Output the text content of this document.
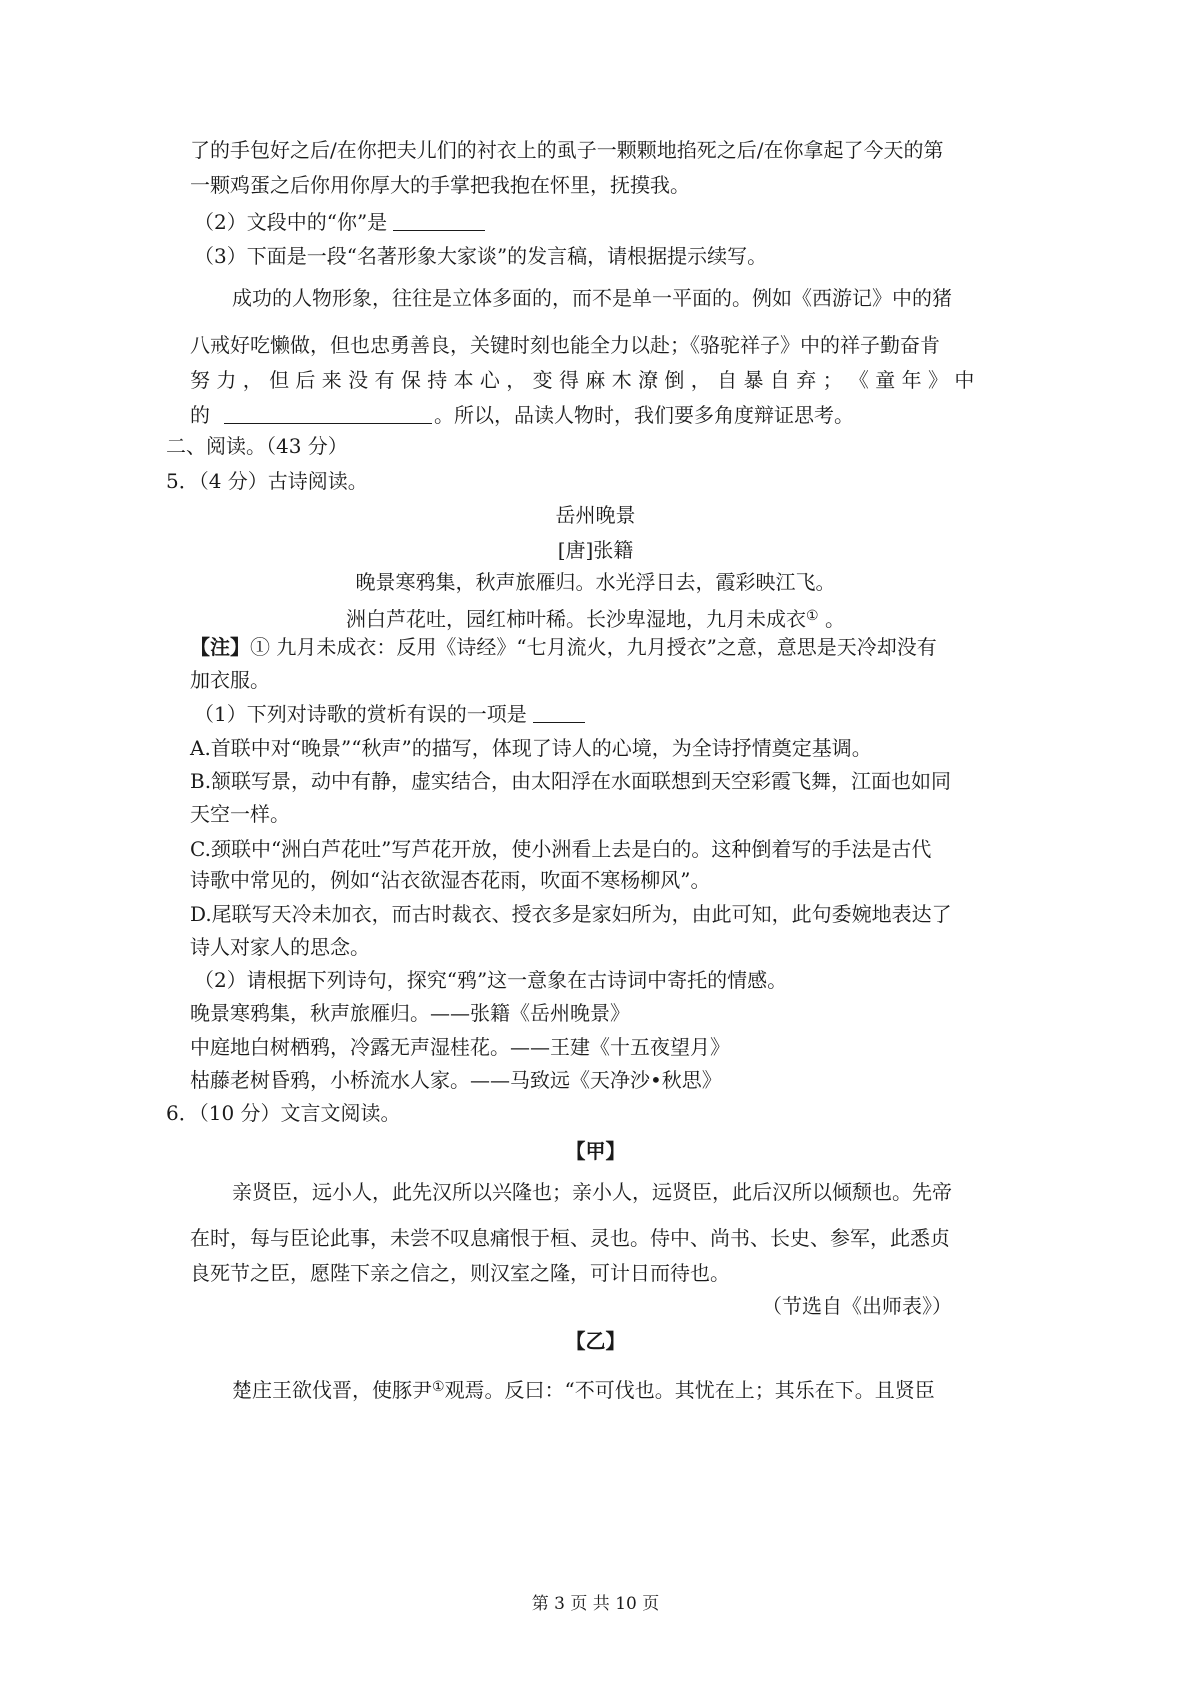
了的手包好之后/在你把夫儿们的衬衣上的虱子一颗颗地掐死之后/在你拿起了今天的第
一颗鸡蛋之后你用你厚大的手掌把我抱在怀里，抚摸我。
（2）文段中的“你”是
（3）下面是一段“名著形象大家谈”的发言稿，请根据提示续写。
成功的人物形象，往往是立体多面的，而不是单一平面的。例如《西游记》中的猪
八戒好吃懒做，但也忠勇善良，关键时刻也能全力以赴；《骆驼祥子》中的祥子勤奋肯
努 力 ， 但 后 来 没 有 保 持 本 心 ， 变 得 麻 木 潦 倒 ， 自 暴 自 弃 ； 《 童 年 》 中
的	。所以，品读人物时，我们要多角度辩证思考。
二、阅读。（43 分）
5．（4 分）古诗阅读。
岳州晚景
[唐]张籍
晚景寒鸦集，秋声旅雁归。水光浮日去，霞彩映江飞。
洲白芦花吐，园红柿叶稀。长沙卑湿地，九月未成衣① 。
【注】① 九月未成衣：反用《诗经》“七月流火，九月授衣”之意，意思是天冷却没有
加衣服。
（1）下列对诗歌的赏析有误的一项是
A.首联中对“晚景”“秋声”的描写，体现了诗人的心境，为全诗抒情奠定基调。
B.颔联写景，动中有静，虚实结合，由太阳浮在水面联想到天空彩霞飞舞，江面也如同
天空一样。
C.颈联中“洲白芦花吐”写芦花开放，使小洲看上去是白的。这种倒着写的手法是古代
诗歌中常见的，例如“沾衣欲湿杏花雨，吹面不寒杨柳风”。
D.尾联写天冷未加衣，而古时裁衣、授衣多是家妇所为，由此可知，此句委婉地表达了
诗人对家人的思念。
（2）请根据下列诗句，探究“鸦”这一意象在古诗词中寄托的情感。
晚景寒鸦集，秋声旅雁归。——张籍《岳州晚景》
中庭地白树栖鸦，冷露无声湿桂花。——王建《十五夜望月》
枯藤老树昏鸦，小桥流水人家。——马致远《天净沙•秋思》
6．（10 分）文言文阅读。
【甲】
亲贤臣，远小人，此先汉所以兴隆也；亲小人，远贤臣，此后汉所以倾颓也。先帝
在时，每与臣论此事，未尝不叹息痛恨于桓、灵也。侍中、尚书、长史、参军，此悉贞
良死节之臣，愿陛下亲之信之，则汉室之隆，可计日而待也。
（节选自《出师表》）
【乙】
楚庄王欲伐晋，使豚尹①观焉。反曰：“不可伐也。其忧在上；其乐在下。且贤臣
第 3 页 共 10 页
